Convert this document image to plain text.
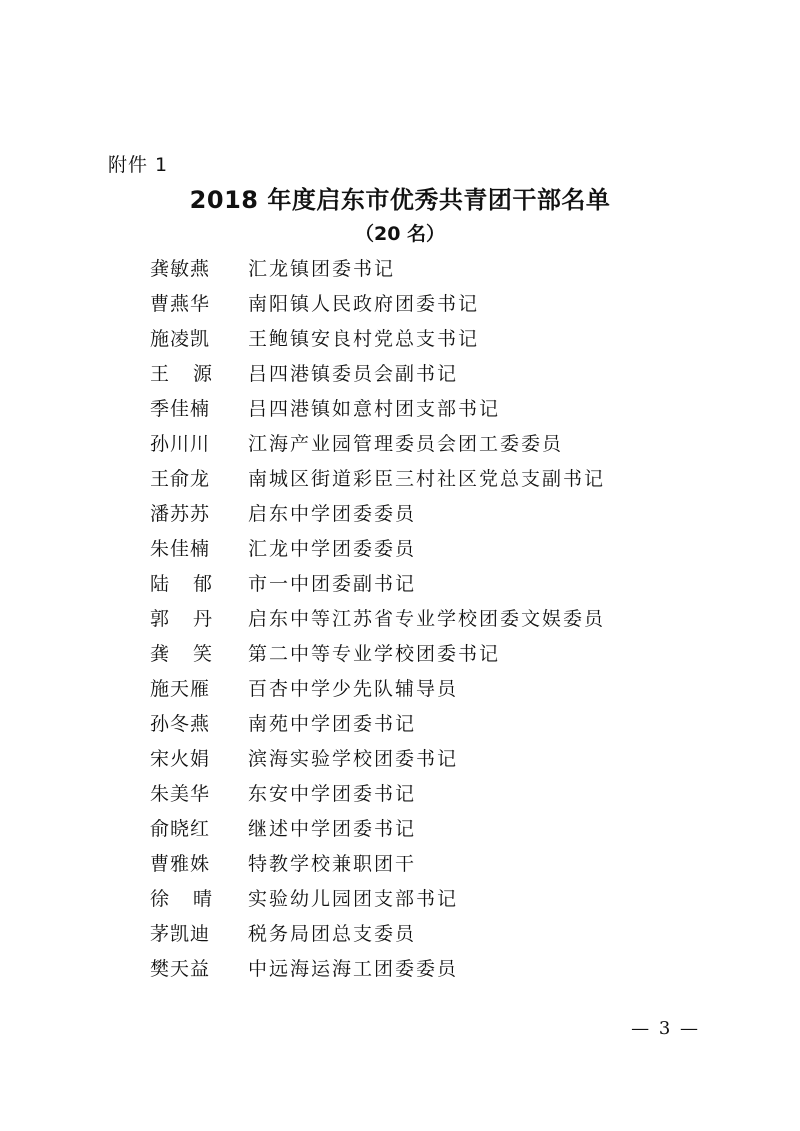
附件 1
2018 年度启东市优秀共青团干部名单
（20 名）
龚敏燕	汇龙镇团委书记
曹燕华	南阳镇人民政府团委书记
施凌凯	王鲍镇安良村党总支书记
王源 吕四港镇委员会副书记
季佳楠	吕四港镇如意村团支部书记
孙川川	江海产业园管理委员会团工委委员
王俞龙	南城区街道彩臣三村社区党总支副书记
潘苏苏	启东中学团委委员
朱佳楠	汇龙中学团委委员
陆郁 市一中团委副书记
郭丹 启东中等江苏省专业学校团委文娱委员
龚笑 第二中等专业学校团委书记
施天雁	百杏中学少先队辅导员
孙冬燕	南苑中学团委书记
宋火娟	滨海实验学校团委书记
朱美华	东安中学团委书记
俞晓红	继述中学团委书记
曹雅姝	特教学校兼职团干
徐晴 实验幼儿园团支部书记
茅凯迪	税务局团总支委员
樊天益	中远海运海工团委委员
— 3 —
